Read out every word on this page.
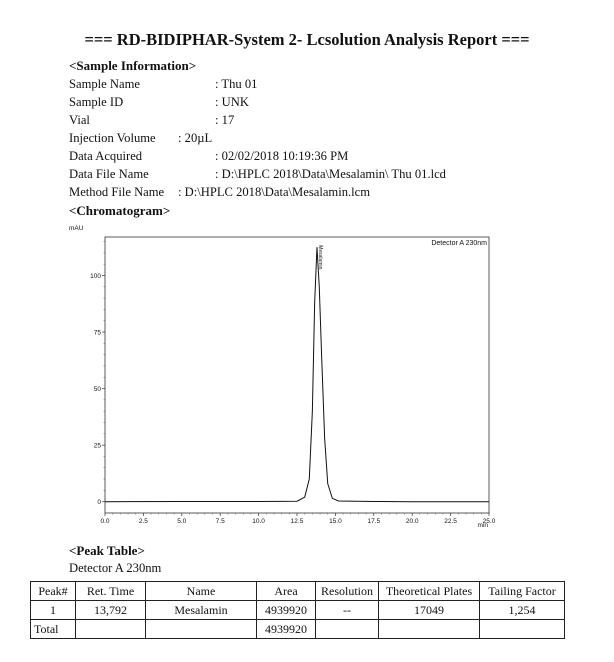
=== RD-BIDIPHAR-System 2- Lcsolution Analysis Report ===
<Sample Information>
Sample Name	: Thu 01
Sample ID	: UNK
Vial	: 17
Injection Volume : 20µL
Data Acquired	: 02/02/2018 10:19:36 PM
Data File Name	: D:\HPLC 2018\Data\Mesalamin\ Thu 01.lcd
Method File Name : D:\HPLC 2018\Data\Mesalamin.lcm
<Chromatogram>
mAU
Detector A 230nm
0
25
50
75
100
0.0	2.5	5.0	7.5	10.0	12.5	15.0	17.5	20.0	22.5	25.0
Mesalamin
min
<Peak Table>
Detector A 230nm
Peak#	Ret. Time	Name	Area	Resolution	Theoretical Plates	Tailing Factor
1	13,792	Mesalamin	4939920	--	17049	1,254
Total			4939920			
